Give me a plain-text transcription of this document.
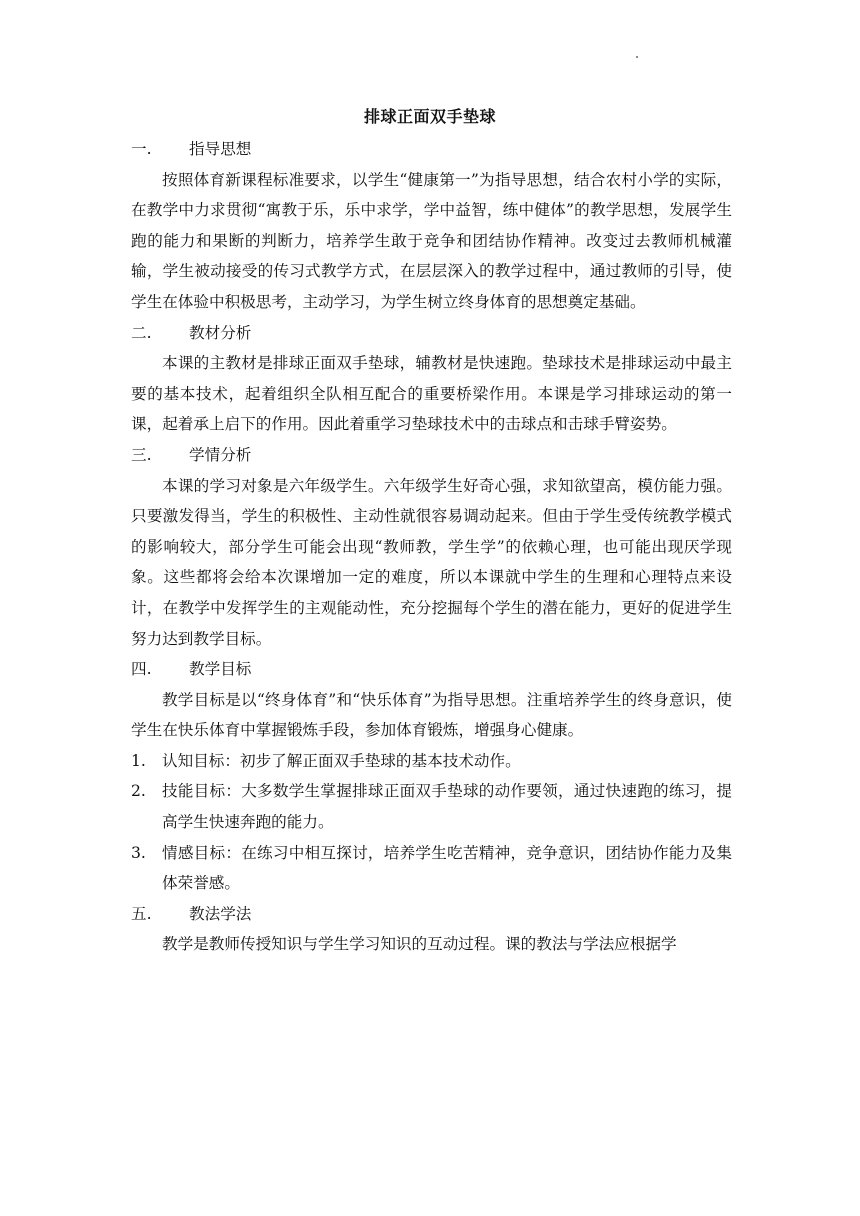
排球正面双手垫球
一.	指导思想

按照体育新课程标准要求，以学生“健康第一”为指导思想，结合农村小学的实际，在教学中力求贯彻“寓教于乐，乐中求学，学中益智，练中健体”的教学思想，发展学生跑的能力和果断的判断力，培养学生敢于竞争和团结协作精神。改变过去教师机械灌输，学生被动接受的传习式教学方式，在层层深入的教学过程中，通过教师的引导，使学生在体验中积极思考，主动学习，为学生树立终身体育的思想奠定基础。

二.	教材分析

本课的主教材是排球正面双手垫球，辅教材是快速跑。垫球技术是排球运动中最主要的基本技术，起着组织全队相互配合的重要桥梁作用。本课是学习排球运动的第一课，起着承上启下的作用。因此着重学习垫球技术中的击球点和击球手臂姿势。

三.	学情分析

本课的学习对象是六年级学生。六年级学生好奇心强，求知欲望高，模仿能力强。只要激发得当，学生的积极性、主动性就很容易调动起来。但由于学生受传统教学模式的影响较大，部分学生可能会出现“教师教，学生学”的依赖心理，也可能出现厌学现象。这些都将会给本次课增加一定的难度，所以本课就中学生的生理和心理特点来设计，在教学中发挥学生的主观能动性，充分挖掘每个学生的潜在能力，更好的促进学生努力达到教学目标。

四.	教学目标

教学目标是以“终身体育”和“快乐体育”为指导思想。注重培养学生的终身意识，使学生在快乐体育中掌握锻炼手段，参加体育锻炼，增强身心健康。

1.	认知目标：初步了解正面双手垫球的基本技术动作。
2.	技能目标：大多数学生掌握排球正面双手垫球的动作要领，通过快速跑的练习，提高学生快速奔跑的能力。
3.	情感目标：在练习中相互探讨，培养学生吃苦精神，竞争意识，团结协作能力及集体荣誉感。
五.	教法学法

教学是教师传授知识与学生学习知识的互动过程。课的教法与学法应根据学
